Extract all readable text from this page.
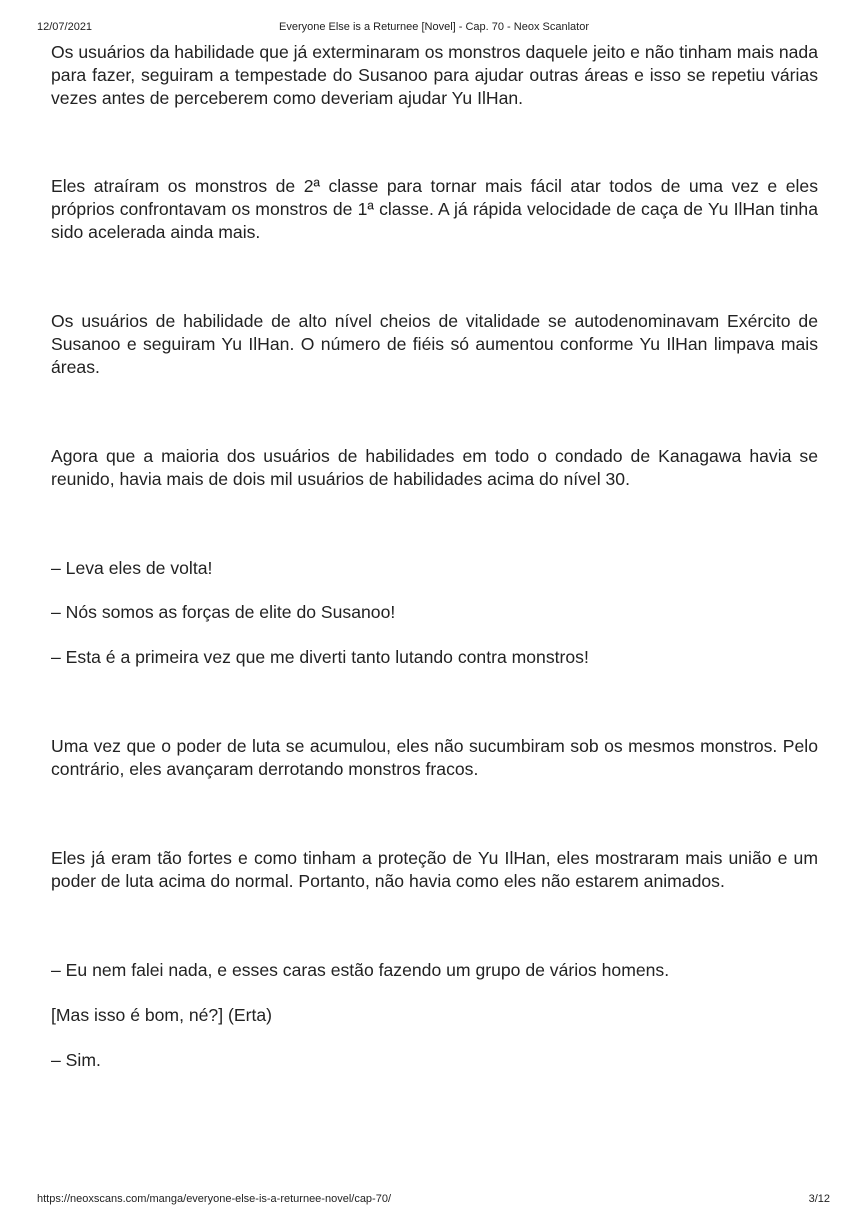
12/07/2021	Everyone Else is a Returnee [Novel] - Cap. 70 - Neox Scanlator

Os usuários da habilidade que já exterminaram os monstros daquele jeito e não tinham mais nada para fazer, seguiram a tempestade do Susanoo para ajudar outras áreas e isso se repetiu várias vezes antes de perceberem como deveriam ajudar Yu IlHan.

Eles atraíram os monstros de 2ª classe para tornar mais fácil atar todos de uma vez e eles próprios confrontavam os monstros de 1ª classe. A já rápida velocidade de caça de Yu IlHan tinha sido acelerada ainda mais.

Os usuários de habilidade de alto nível cheios de vitalidade se autodenominavam Exército de Susanoo e seguiram Yu IlHan. O número de fiéis só aumentou conforme Yu IlHan limpava mais áreas.

Agora que a maioria dos usuários de habilidades em todo o condado de Kanagawa havia se reunido, havia mais de dois mil usuários de habilidades acima do nível 30.

– Leva eles de volta!

– Nós somos as forças de elite do Susanoo!

– Esta é a primeira vez que me diverti tanto lutando contra monstros!

Uma vez que o poder de luta se acumulou, eles não sucumbiram sob os mesmos monstros. Pelo contrário, eles avançaram derrotando monstros fracos.

Eles já eram tão fortes e como tinham a proteção de Yu IlHan, eles mostraram mais união e um poder de luta acima do normal. Portanto, não havia como eles não estarem animados.

– Eu nem falei nada, e esses caras estão fazendo um grupo de vários homens.

[Mas isso é bom, né?] (Erta)

– Sim.

https://neoxscans.com/manga/everyone-else-is-a-returnee-novel/cap-70/	3/12
